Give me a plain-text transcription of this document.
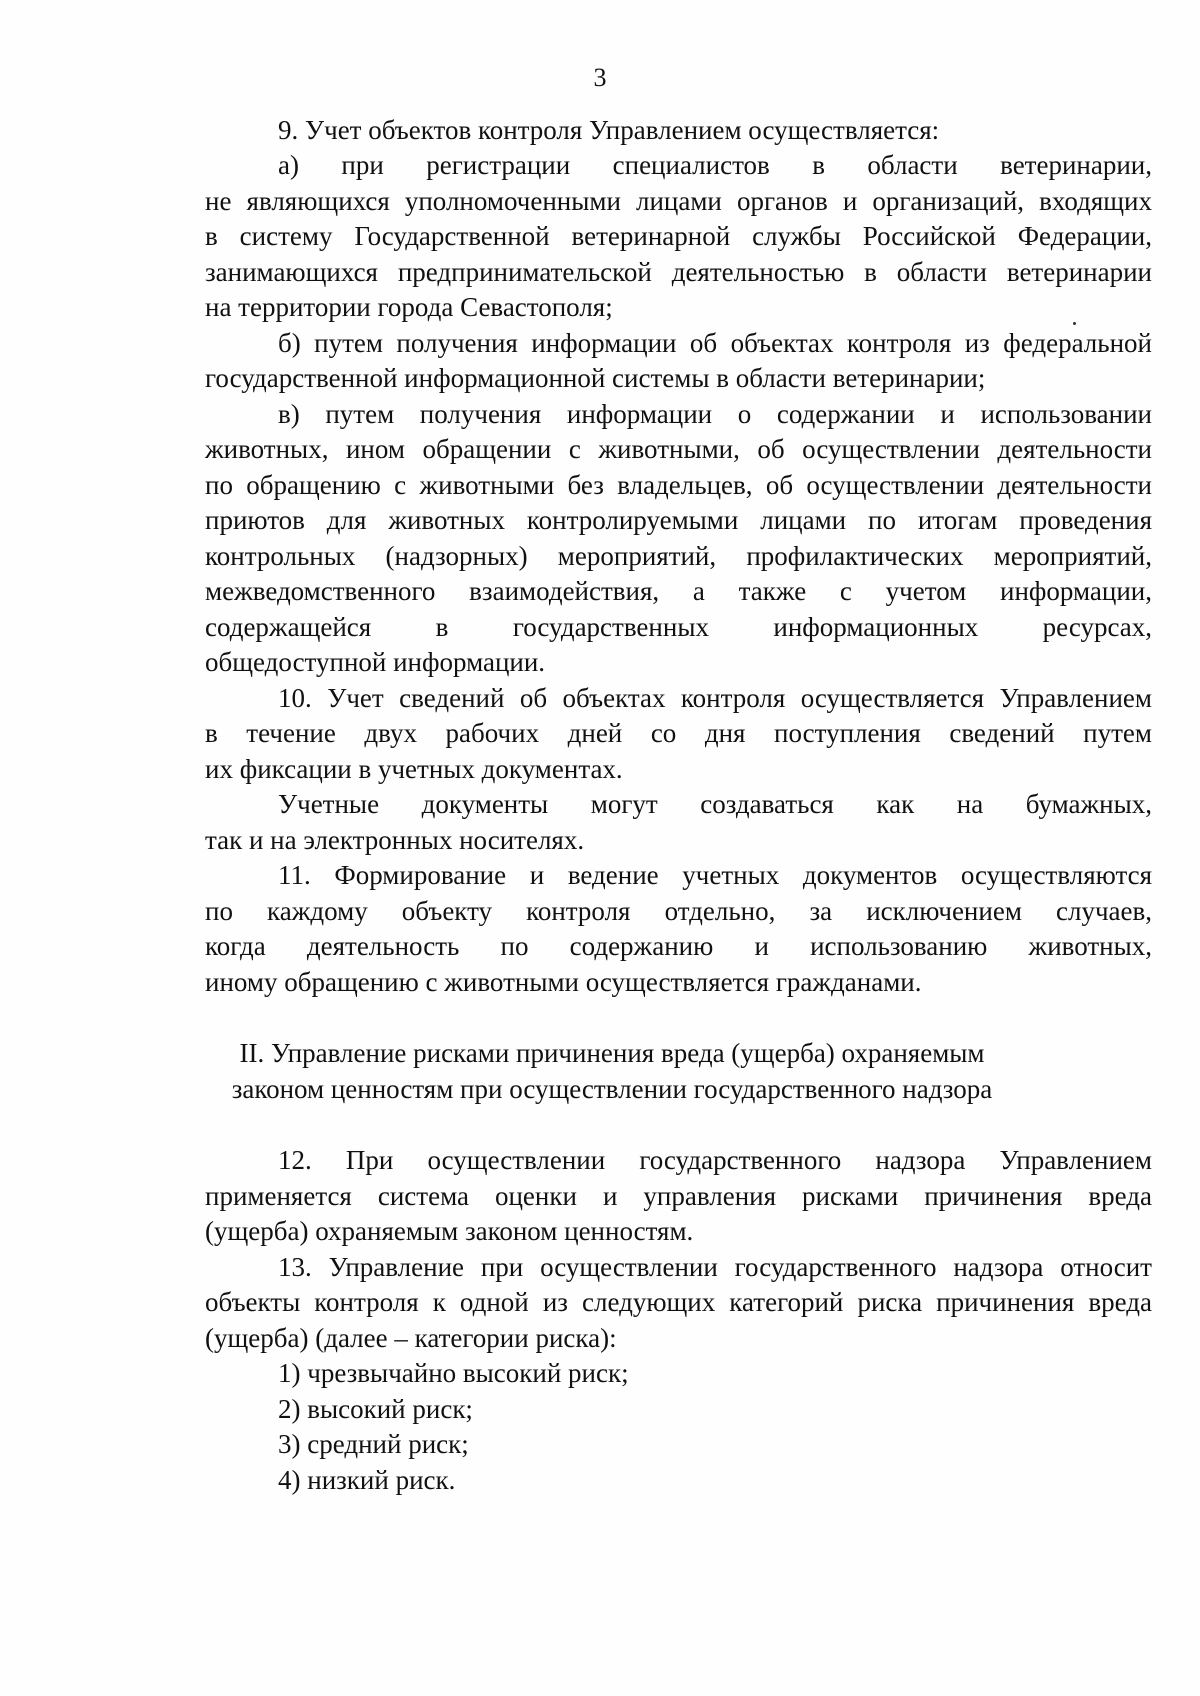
3
9. Учет объектов контроля Управлением осуществляется:
а) при регистрации специалистов в области ветеринарии,
не являющихся уполномоченными лицами органов и организаций, входящих
в систему Государственной ветеринарной службы Российской Федерации,
занимающихся предпринимательской деятельностью в области ветеринарии
на территории города Севастополя;
б) путем получения информации об объектах контроля из федеральной
государственной информационной системы в области ветеринарии;
в) путем получения информации о содержании и использовании
животных, ином обращении с животными, об осуществлении деятельности
по обращению с животными без владельцев, об осуществлении деятельности
приютов для животных контролируемыми лицами по итогам проведения
контрольных (надзорных) мероприятий, профилактических мероприятий,
межведомственного взаимодействия, а также с учетом информации,
содержащейся в государственных информационных ресурсах,
общедоступной информации.
10. Учет сведений об объектах контроля осуществляется Управлением
в течение двух рабочих дней со дня поступления сведений путем
их фиксации в учетных документах.
Учетные документы могут создаваться как на бумажных,
так и на электронных носителях.
11. Формирование и ведение учетных документов осуществляются
по каждому объекту контроля отдельно, за исключением случаев,
когда деятельность по содержанию и использованию животных,
иному обращению с животными осуществляется гражданами.
II. Управление рисками причинения вреда (ущерба) охраняемым
законом ценностям при осуществлении государственного надзора
12. При осуществлении государственного надзора Управлением
применяется система оценки и управления рисками причинения вреда
(ущерба) охраняемым законом ценностям.
13. Управление при осуществлении государственного надзора относит
объекты контроля к одной из следующих категорий риска причинения вреда
(ущерба) (далее – категории риска):
1) чрезвычайно высокий риск;
2) высокий риск;
3) средний риск;
4) низкий риск.
